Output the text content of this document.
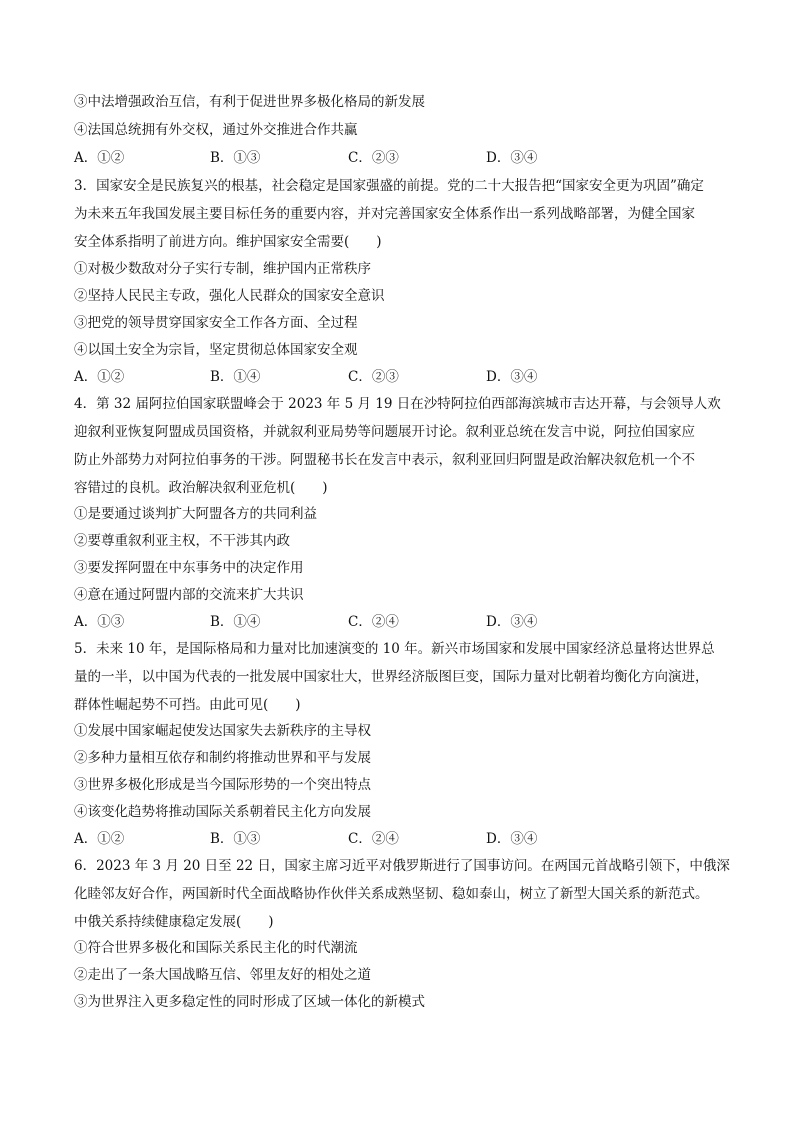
③中法增强政治互信，有利于促进世界多极化格局的新发展
④法国总统拥有外交权，通过外交推进合作共赢
A．①②	B．①③	C．②③	D．③④
3．国家安全是民族复兴的根基，社会稳定是国家强盛的前提。党的二十大报告把“国家安全更为巩固”确定
为未来五年我国发展主要目标任务的重要内容，并对完善国家安全体系作出一系列战略部署，为健全国家
安全体系指明了前进方向。维护国家安全需要(　　)
①对极少数敌对分子实行专制，维护国内正常秩序
②坚持人民民主专政，强化人民群众的国家安全意识
③把党的领导贯穿国家安全工作各方面、全过程
④以国土安全为宗旨，坚定贯彻总体国家安全观
A．①②	B．①④	C．②③	D．③④
4．第 32 届阿拉伯国家联盟峰会于 2023 年 5 月 19 日在沙特阿拉伯西部海滨城市吉达开幕，与会领导人欢
迎叙利亚恢复阿盟成员国资格，并就叙利亚局势等问题展开讨论。叙利亚总统在发言中说，阿拉伯国家应
防止外部势力对阿拉伯事务的干涉。阿盟秘书长在发言中表示，叙利亚回归阿盟是政治解决叙危机一个不
容错过的良机。政治解决叙利亚危机(　　)
①是要通过谈判扩大阿盟各方的共同利益
②要尊重叙利亚主权，不干涉其内政
③要发挥阿盟在中东事务中的决定作用
④意在通过阿盟内部的交流来扩大共识
A．①③	B．①④	C．②④	D．③④
5．未来 10 年，是国际格局和力量对比加速演变的 10 年。新兴市场国家和发展中国家经济总量将达世界总
量的一半，以中国为代表的一批发展中国家壮大，世界经济版图巨变，国际力量对比朝着均衡化方向演进，
群体性崛起势不可挡。由此可见(　　)
①发展中国家崛起使发达国家失去新秩序的主导权
②多种力量相互依存和制约将推动世界和平与发展
③世界多极化形成是当今国际形势的一个突出特点
④该变化趋势将推动国际关系朝着民主化方向发展
A．①②	B．①③	C．②④	D．③④
6．2023 年 3 月 20 日至 22 日，国家主席习近平对俄罗斯进行了国事访问。在两国元首战略引领下，中俄深
化睦邻友好合作，两国新时代全面战略协作伙伴关系成熟坚韧、稳如泰山，树立了新型大国关系的新范式。
中俄关系持续健康稳定发展(　　)
①符合世界多极化和国际关系民主化的时代潮流
②走出了一条大国战略互信、邻里友好的相处之道
③为世界注入更多稳定性的同时形成了区域一体化的新模式
